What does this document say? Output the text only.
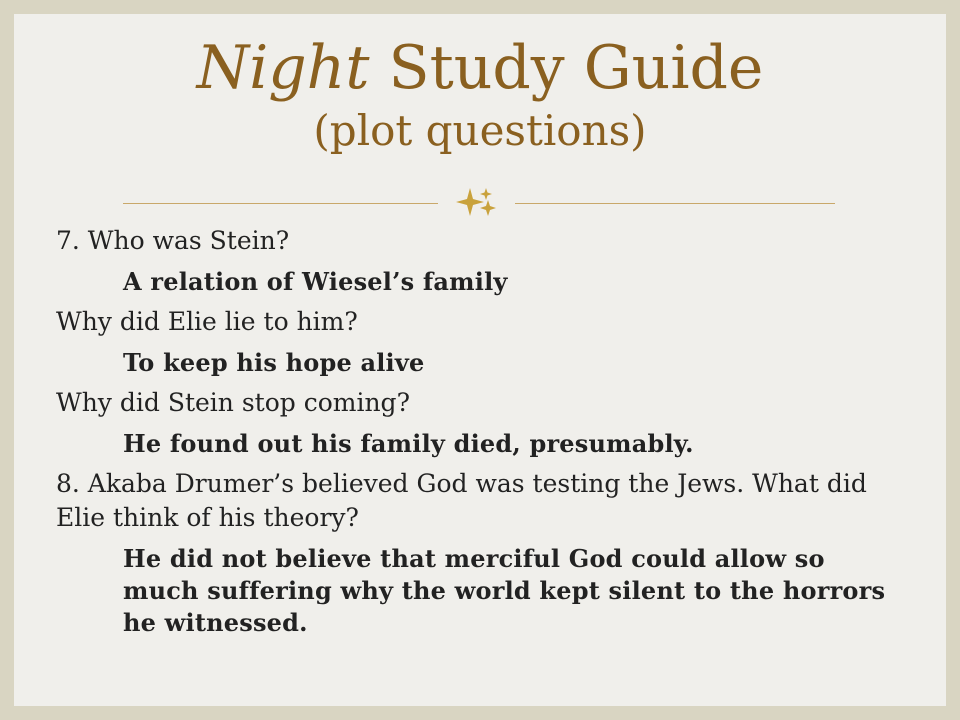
Night Study Guide
(plot questions)

7. Who was Stein?

A relation of Wiesel’s family

Why did Elie lie to him?

To keep his hope alive

Why did Stein stop coming?

He found out his family died, presumably.

8. Akaba Drumer’s believed God was testing the Jews. What did Elie think of his theory?

He did not believe that merciful God could allow so much suffering why the world kept silent to the horrors he witnessed.
